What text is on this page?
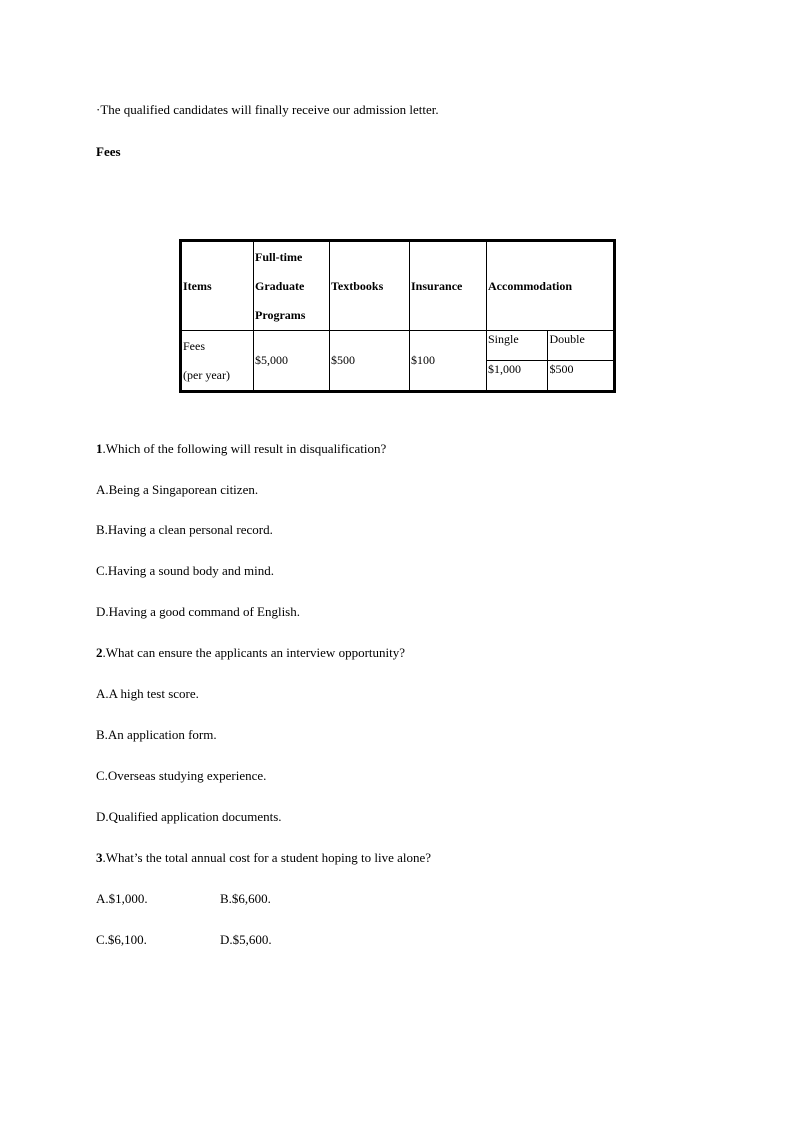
·The qualified candidates will finally receive our admission letter.
Fees
Items	Full-time
Graduate
Programs	Textbooks	Insurance	Accommodation	

Fees
(per year)	$5,000	$500	$100	Single	Double
				$1,000	$500
1.Which of the following will result in disqualification?
A.Being a Singaporean citizen.
B.Having a clean personal record.
C.Having a sound body and mind.
D.Having a good command of English.
2.What can ensure the applicants an interview opportunity?
A.A high test score.
B.An application form.
C.Overseas studying experience.
D.Qualified application documents.
3.What’s the total annual cost for a student hoping to live alone?
A.$1,000.	B.$6,600.
C.$6,100.	D.$5,600.
